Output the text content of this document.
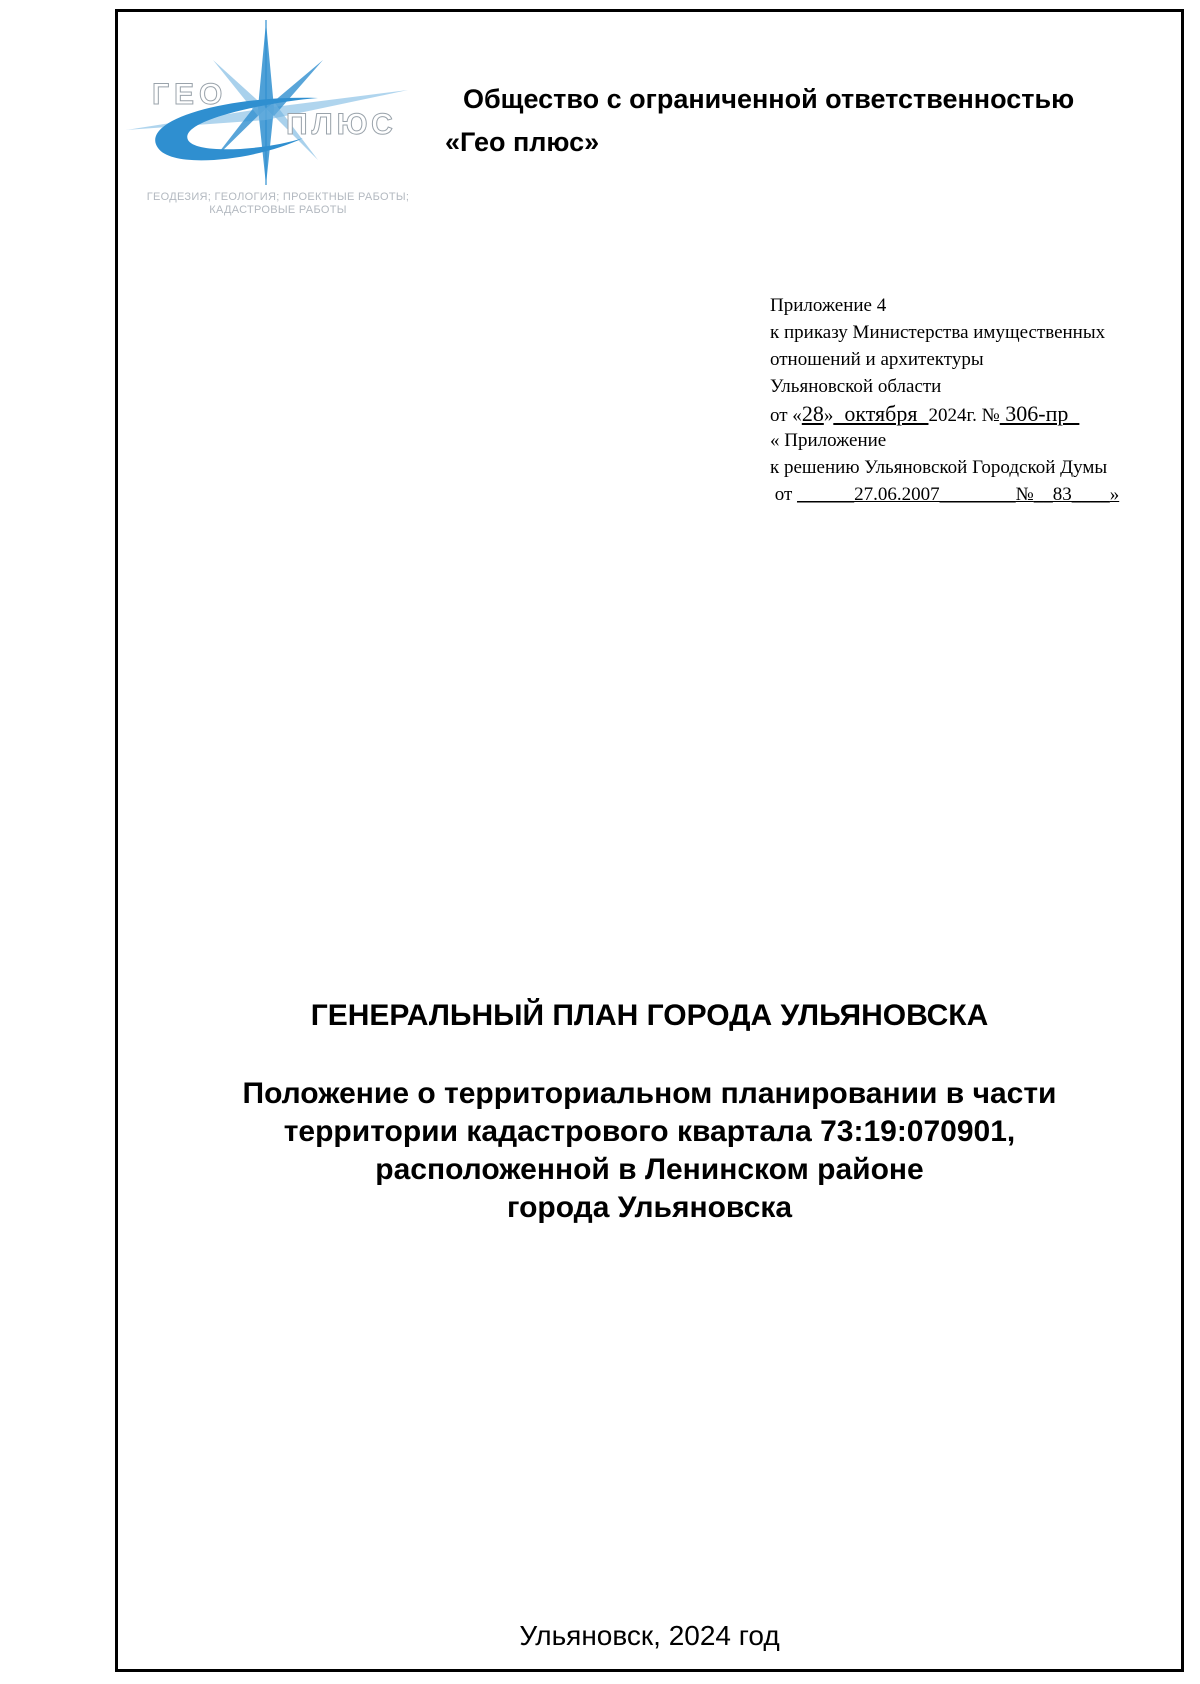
ГЕО
ПЛЮС
ГЕОДЕЗИЯ; ГЕОЛОГИЯ; ПРОЕКТНЫЕ РАБОТЫ;
КАДАСТРОВЫЕ РАБОТЫ
Общество с ограниченной ответственностью
«Гео плюс»
Приложение 4
к приказу Министерства имущественных
отношений и архитектуры
Ульяновской области
от «28»  октября  2024г. № 306-пр
« Приложение
к решению Ульяновской Городской Думы
от ______27.06.2007________№__83____»
ГЕНЕРАЛЬНЫЙ ПЛАН ГОРОДА УЛЬЯНОВСКА
Положение о территориальном планировании в части
территории кадастрового квартала 73:19:070901,
расположенной в Ленинском районе
города Ульяновска
Ульяновск, 2024 год
